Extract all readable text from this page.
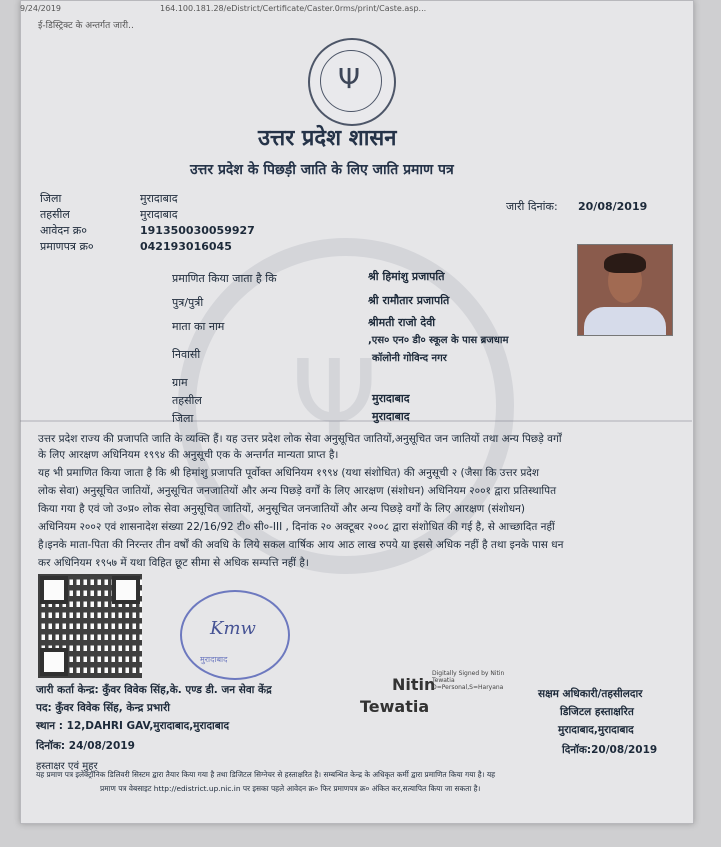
9/24/2019	164.100.181.28/eDistrict/Certificate/Caster.0rms/print/Caste.asp...
ई-डिस्ट्रिक्ट के अन्तर्गत जारी..
Ψ
Ψ
उत्तर प्रदेश शासन
उत्तर प्रदेश के पिछड़ी जाति के लिए जाति प्रमाण पत्र
जिला	मुरादाबाद
तहसील	मुरादाबाद
आवेदन क्र०	191350030059927
प्रमाणपत्र क्र०	042193016045
जारी दिनांक: 20/08/2019
प्रमाणित किया जाता है कि	श्री हिमांशु प्रजापति
पुत्र/पुत्री	श्री रामौतार प्रजापति
माता का नाम	श्रीमती राजो देवी
निवासी
,एस० एन० डी० स्कूल के पास ब्रजधाम
कॉलोनी गोविन्द नगर
ग्राम
तहसील	मुरादाबाद
जिला	मुरादाबाद
उत्तर प्रदेश राज्य की प्रजापति जाति के व्यक्ति हैं। यह उत्तर प्रदेश लोक सेवा अनुसूचित जातियों,अनुसूचित जन जातियों तथा अन्य पिछड़े वर्गों
के लिए आरक्षण अधिनियम १९९४ की अनुसूची एक के अन्तर्गत मान्यता प्राप्त है।
यह भी प्रमाणित किया जाता है कि श्री हिमांशु प्रजापति पूर्वोक्त अधिनियम १९९४ (यथा संशोधित) की अनुसूची २ (जैसा कि उत्तर प्रदेश
लोक सेवा) अनुसूचित जातियों, अनुसूचित जनजातियों और अन्य पिछड़े वर्गों के लिए आरक्षण (संशोधन) अधिनियम २००१ द्वारा प्रतिस्थापित
किया गया है एवं जो उ०प्र० लोक सेवा अनुसूचित जातियों, अनुसूचित जनजातियों और अन्य पिछड़े वर्गों के लिए आरक्षण (संशोधन)
अधिनियम २००२ एवं शासनादेश संख्या 22/16/92 टी० सी०-III , दिनांक २० अक्टूबर २००८ द्वारा संशोधित की गई है, से आच्छादित नहीं
है।इनके माता-पिता की निरन्तर तीन वर्षों की अवधि के लिये सकल वार्षिक आय आठ लाख रुपये या इससे अधिक नहीं है तथा इनके पास धन
कर अधिनियम १९५७ में यथा विहित छूट सीमा से अधिक सम्पत्ति नहीं है।
Kmw
मुरादाबाद
जारी कर्ता केन्द्र: कुँवर विवेक सिंह,के. एण्ड डी. जन सेवा केंद्र
पद: कुँवर विवेक सिंह, केन्द्र प्रभारी
स्थान : 12,DAHRI GAV,मुरादाबाद,मुरादाबाद
दिनॉक: 24/08/2019
हस्ताक्षर एवं मुहर
Nitin
Tewatia
Digitally Signed by Nitin
Tewatia
O=Personal,S=Haryana
सक्षम अधिकारी/तहसीलदार
डिजिटल हस्ताक्षरित
मुरादाबाद,मुरादाबाद
दिनॉक:20/08/2019
यह प्रमाण पत्र इलेक्ट्रॉनिक डिलिवरी सिस्टम द्वारा तैयार किया गया है तथा डिजिटल सिग्नेचर से हस्ताक्षरित है। सम्बन्धित केन्द्र के अधिकृत कर्मी द्वारा प्रमाणित किया गया है। यह
प्रमाण पत्र वेबसाइट http://edistrict.up.nic.in पर इसका पहले आवेदन क्र० फिर प्रमाणपत्र क्र० अंकित कर,सत्यापित किया जा सकता है।
